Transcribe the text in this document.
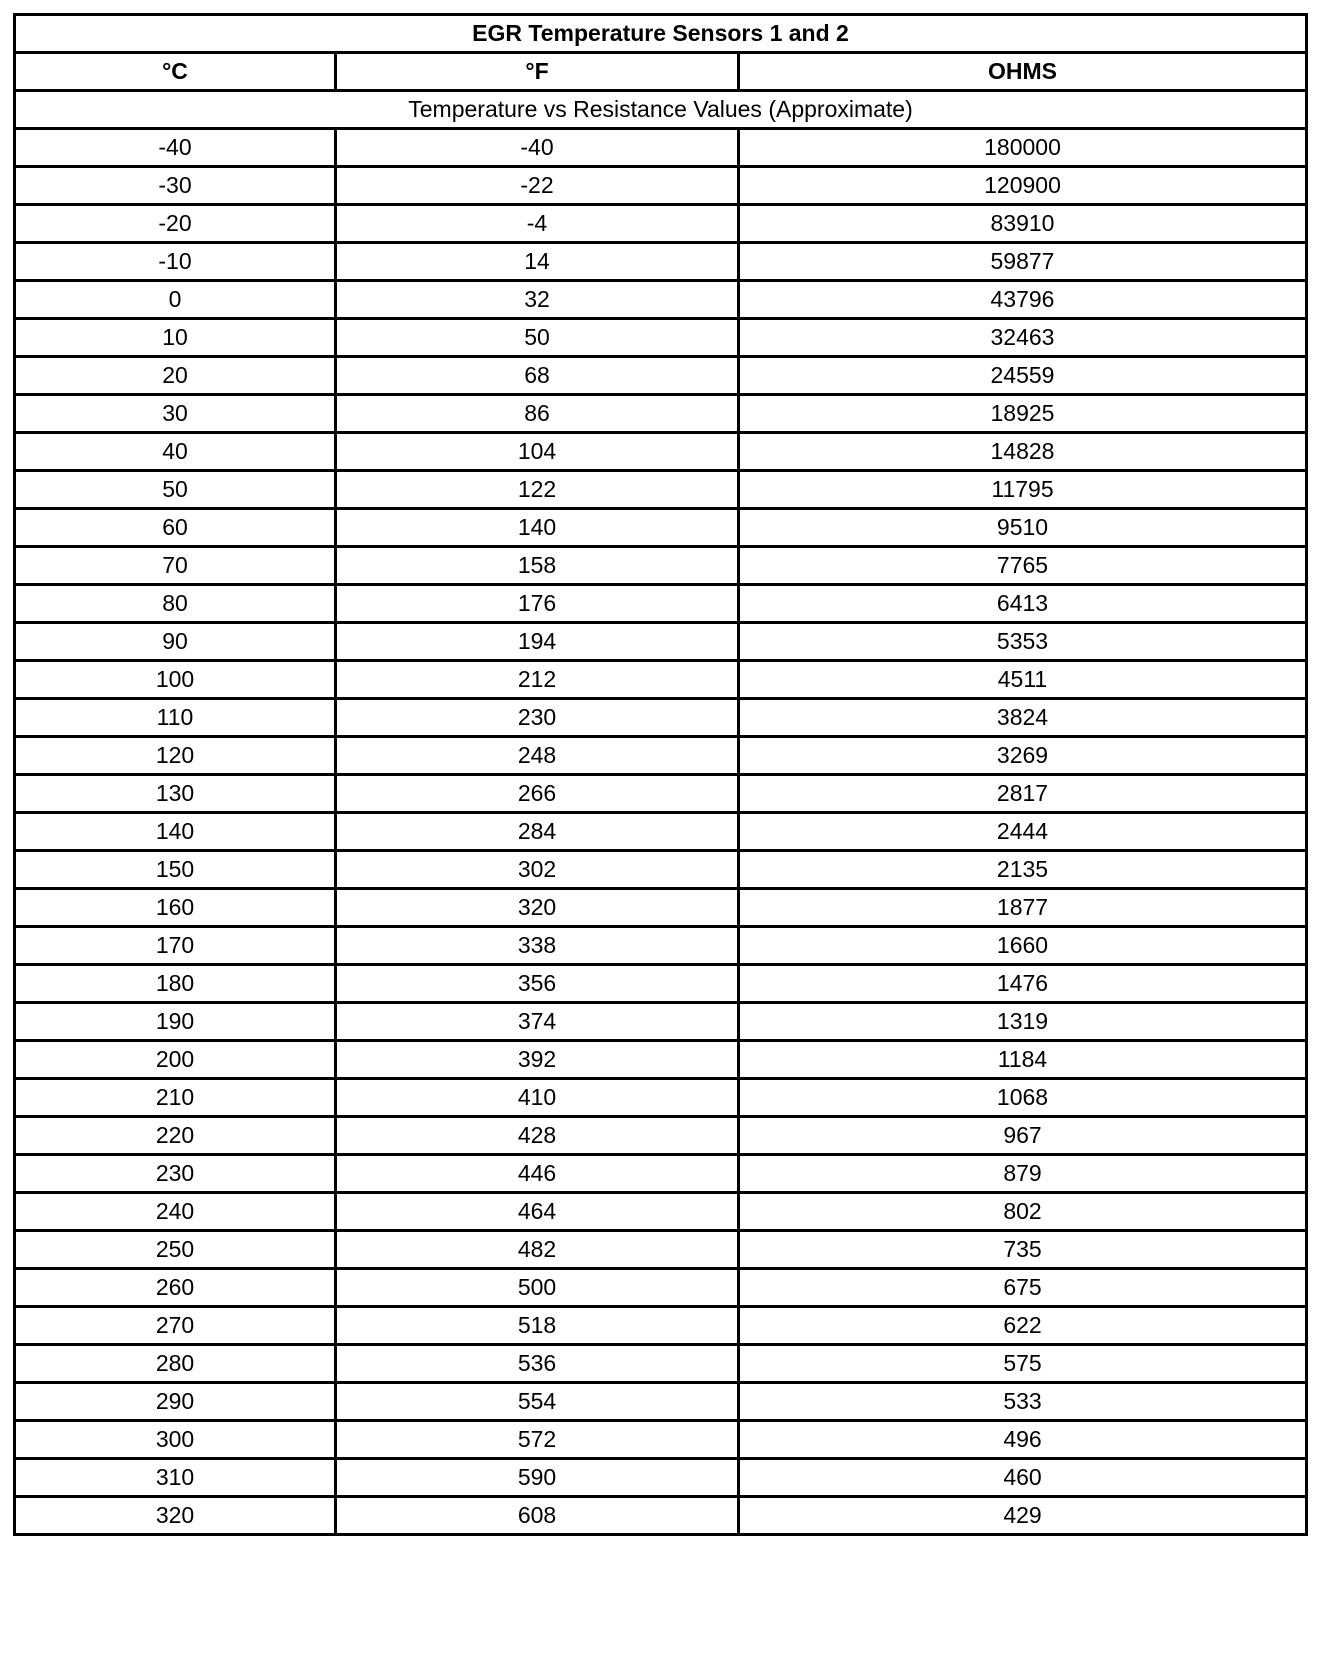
EGR Temperature Sensors 1 and 2		
°C	°F	OHMS
Temperature vs Resistance Values (Approximate)		
-40	-40	180000
-30	-22	120900
-20	-4	83910
-10	14	59877
0	32	43796
10	50	32463
20	68	24559
30	86	18925
40	104	14828
50	122	11795
60	140	9510
70	158	7765
80	176	6413
90	194	5353
100	212	4511
110	230	3824
120	248	3269
130	266	2817
140	284	2444
150	302	2135
160	320	1877
170	338	1660
180	356	1476
190	374	1319
200	392	1184
210	410	1068
220	428	967
230	446	879
240	464	802
250	482	735
260	500	675
270	518	622
280	536	575
290	554	533
300	572	496
310	590	460
320	608	429
